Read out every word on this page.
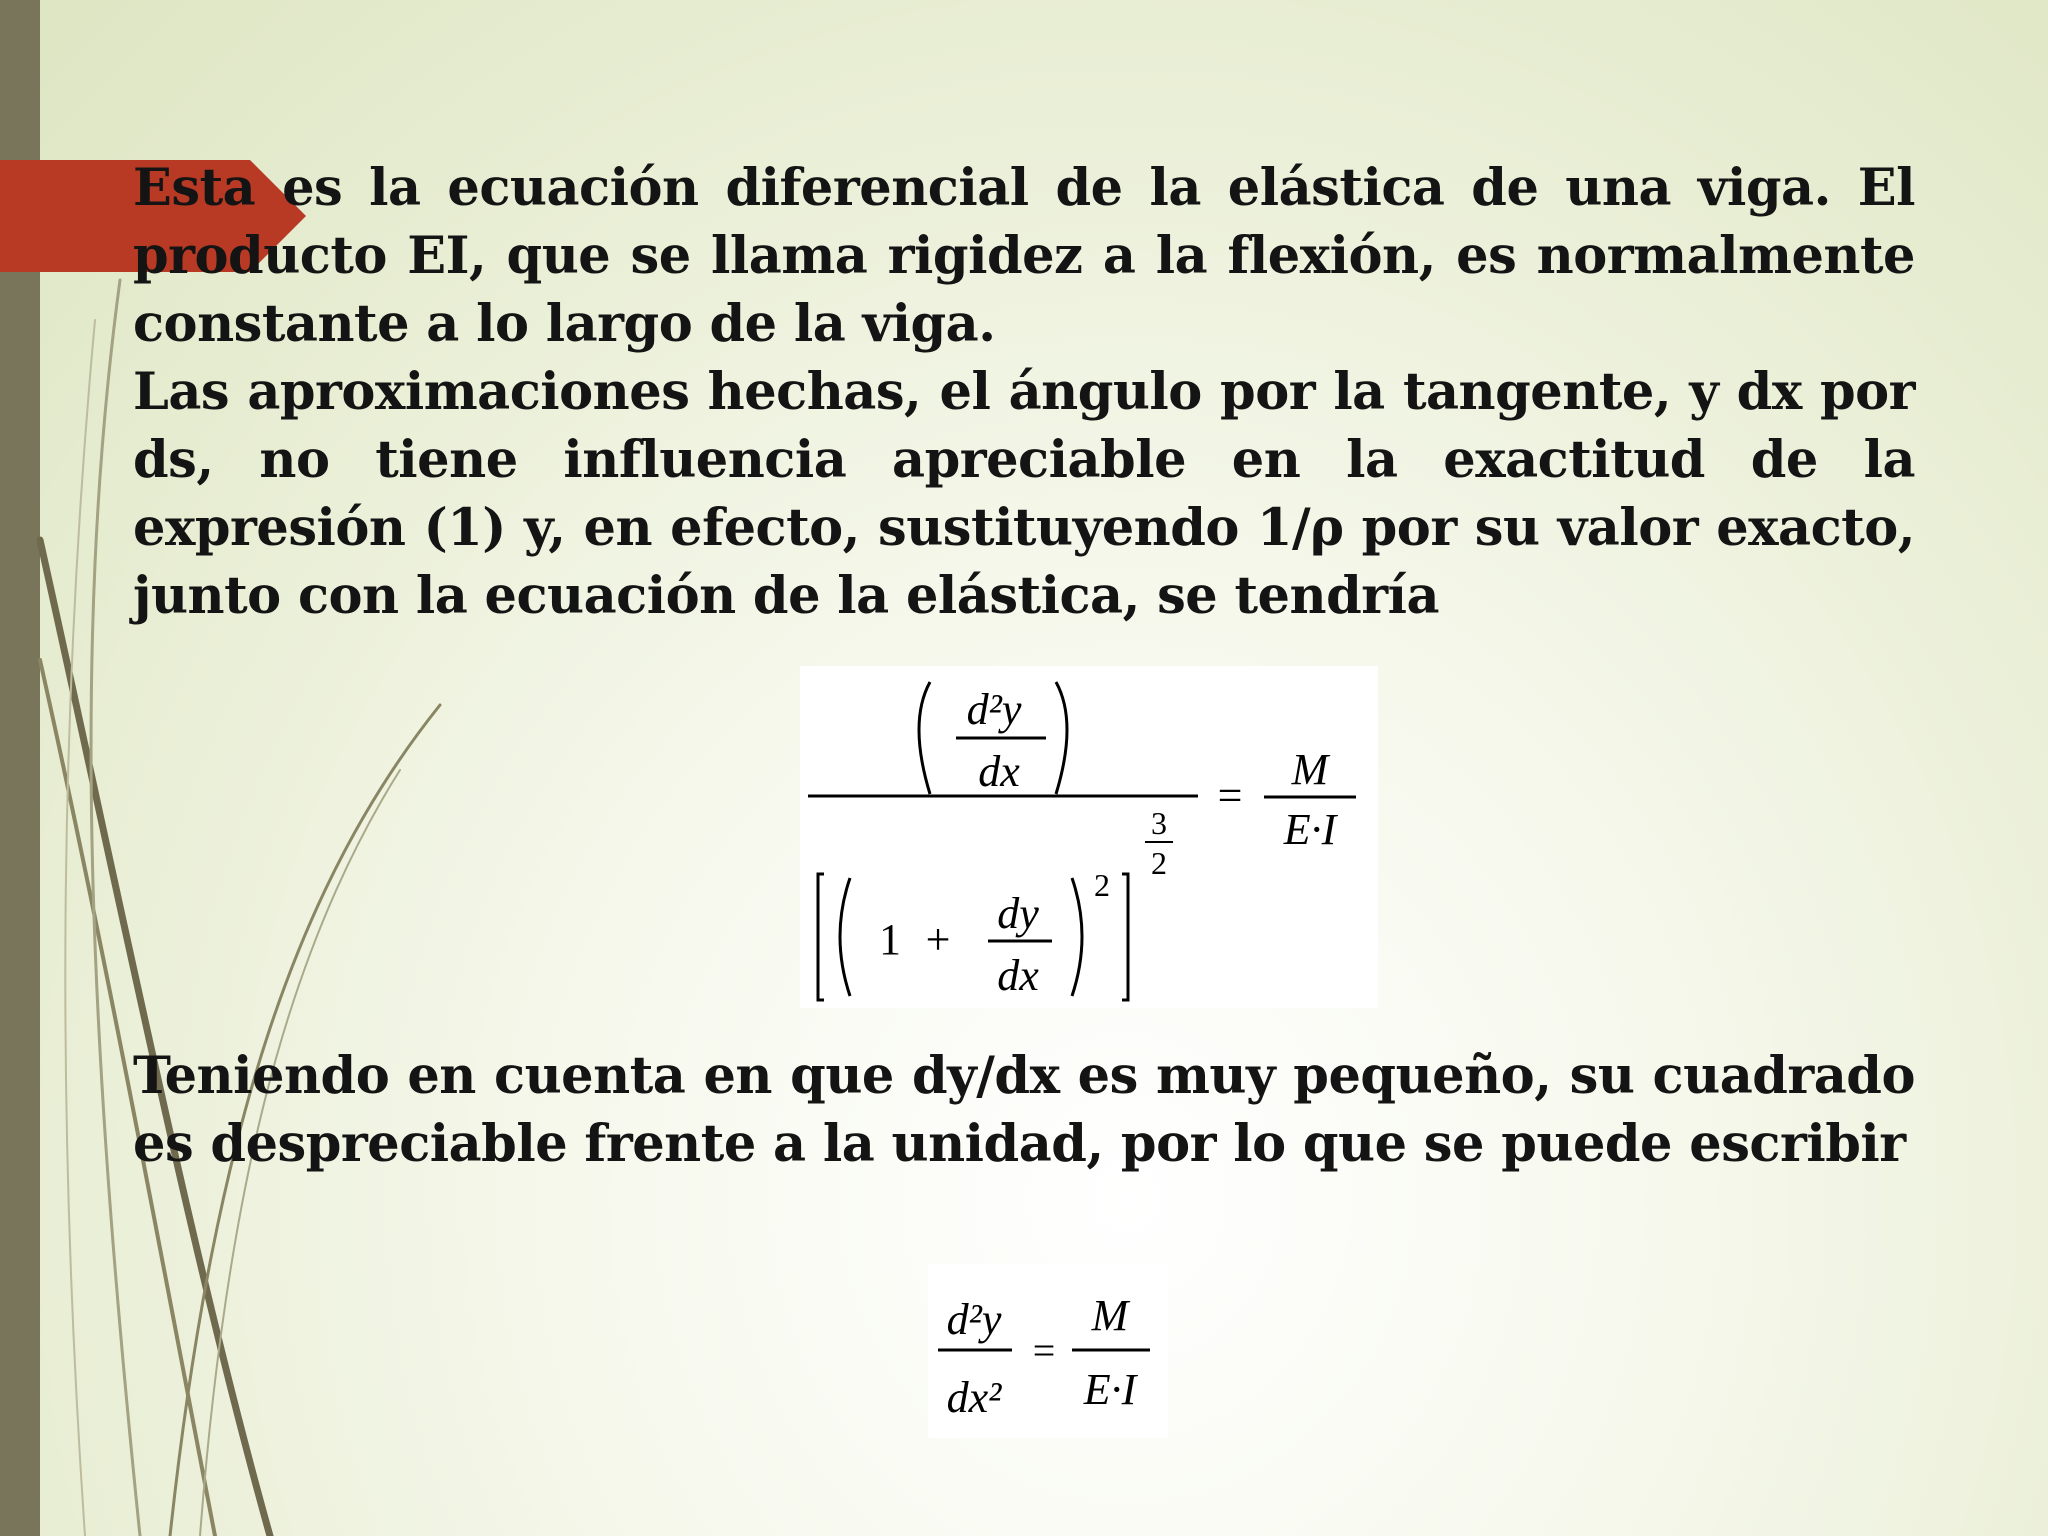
Esta es la ecuación diferencial de la elástica de una viga. El producto EI, que se llama rigidez a la flexión, es normalmente constante a lo largo de la viga.

Las aproximaciones hechas, el ángulo por la tangente, y dx por ds, no tiene influencia apreciable en la exactitud de la expresión (1) y, en efecto, sustituyendo 1/ρ por su valor exacto, junto con la ecuación de la elástica, se tendría

d²y
dx
3
2
1 +
dy
dx
2
=
M
E·I

Teniendo en cuenta en que dy/dx es muy pequeño, su cuadrado es despreciable frente a la unidad, por lo que se puede escribir

d²y
dx²
=
M
E·I
